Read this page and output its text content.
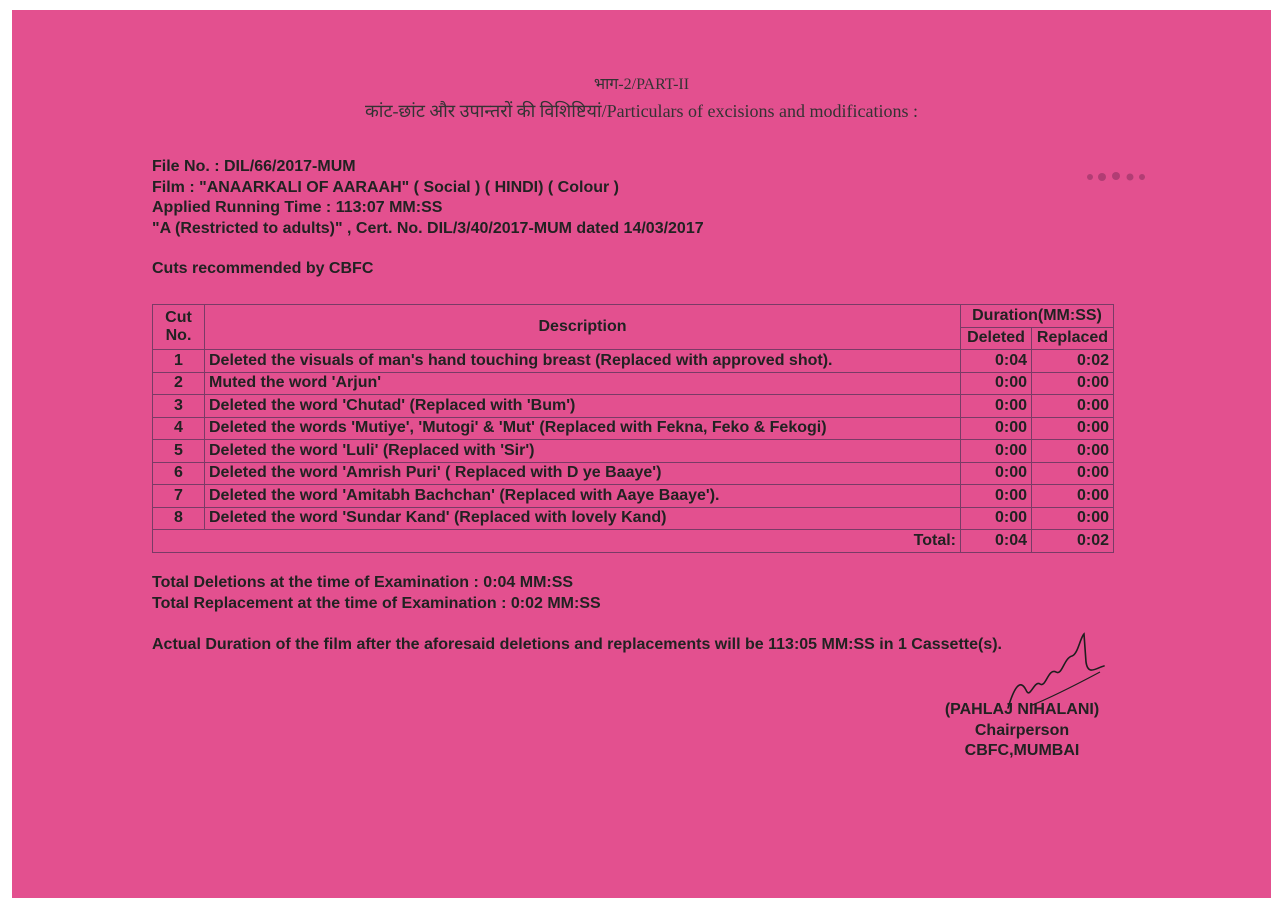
भाग-2/PART-II
कांट-छांट और उपान्तरों की विशिष्टियां/Particulars of excisions and modifications :
File No. : DIL/66/2017-MUM
Film : "ANAARKALI OF AARAAH" ( Social ) ( HINDI) ( Colour )
Applied Running Time : 113:07 MM:SS
"A (Restricted to adults)" , Cert. No. DIL/3/40/2017-MUM dated 14/03/2017
Cuts recommended by CBFC
Cut No.	Description	Duration(MM:SS)	
		Deleted	Replaced
1	Deleted the visuals of man's hand touching breast (Replaced with approved shot).	0:04	0:02
2	Muted the word 'Arjun'	0:00	0:00
3	Deleted the word 'Chutad' (Replaced with 'Bum')	0:00	0:00
4	Deleted the words 'Mutiye', 'Mutogi' & 'Mut' (Replaced with Fekna, Feko & Fekogi)	0:00	0:00
5	Deleted the word 'Luli' (Replaced with 'Sir')	0:00	0:00
6	Deleted the word 'Amrish Puri' ( Replaced with D ye Baaye')	0:00	0:00
7	Deleted the word 'Amitabh Bachchan' (Replaced with Aaye Baaye').	0:00	0:00
8	Deleted the word 'Sundar Kand' (Replaced with lovely Kand)	0:00	0:00
Total:		0:04	0:02
Total Deletions at the time of Examination : 0:04 MM:SS
Total Replacement at the time of Examination : 0:02 MM:SS
Actual Duration of the film after the aforesaid deletions and replacements will be 113:05 MM:SS in 1 Cassette(s).
(PAHLAJ NIHALANI)
Chairperson
CBFC,MUMBAI
